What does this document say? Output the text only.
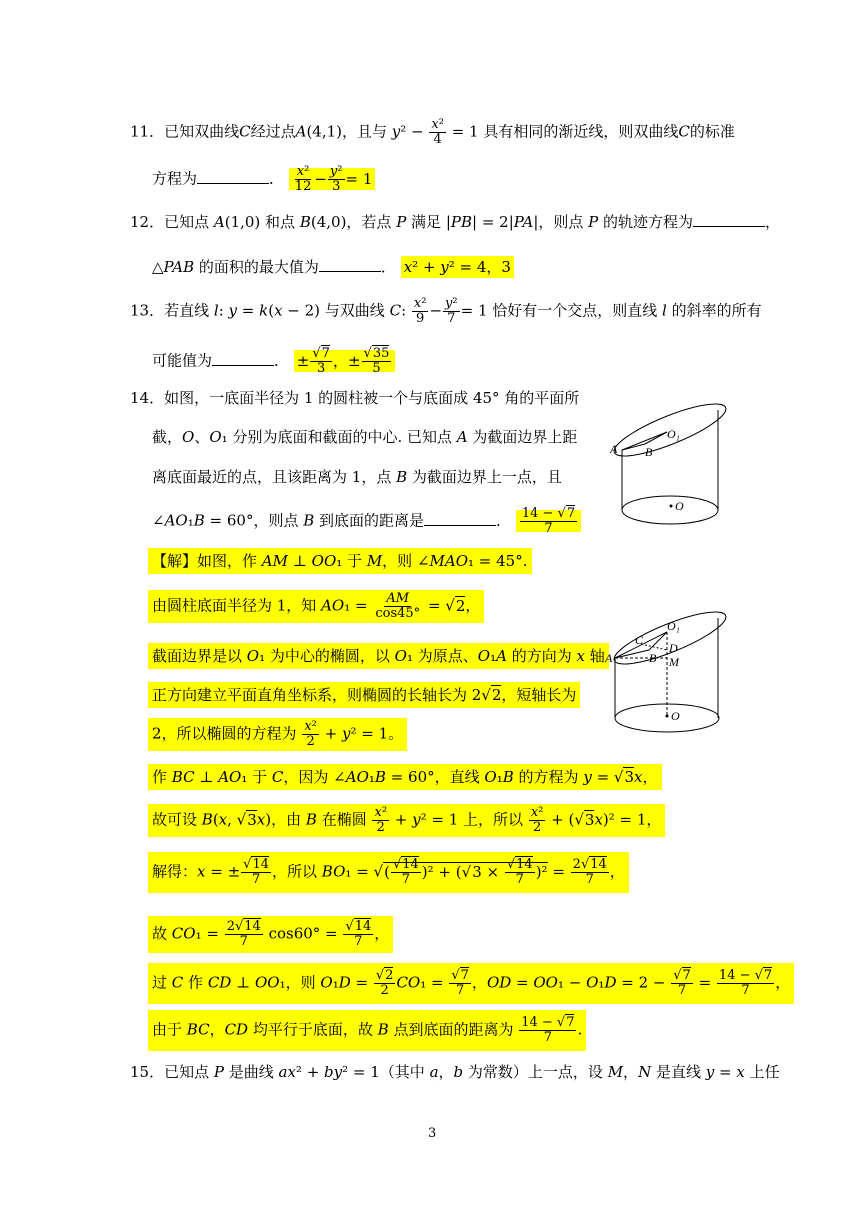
11．已知双曲线C经过点A(4,1)，且与 $y^2 - \frac{\text{x²}}{4} = 1$ 具有相同的渐近线，则双曲线C的标准
方程为	． $\frac{\text{x²}}{12} - \frac{\text{y²}}{3} = 1$
12．已知点 A(1,0) 和点 B(4,0)，若点 P 满足 |PB| = 2|PA|，则点 P 的轨迹方程为	，
△PAB 的面积的最大值为	． x² + y² = 4，3
13．若直线 l: y = k(x − 2) 与双曲线 C: $\frac{\text{x²}}{9} - \frac{\text{y²}}{7} = 1$ 恰好有一个交点，则直线 l 的斜率的所有
可能值为	． ± $\frac{√7}{3}$ ，± $\frac{√35}{5}$
14．如图，一底面半径为 1 的圆柱被一个与底面成 45° 角的平面所
截，O、O₁ 分别为底面和截面的中心. 已知点 A 为截面边界上距
离底面最近的点，且该距离为 1，点 B 为截面边界上一点，且
∠AO₁B = 60°，则点 B 到底面的距离是	． $\frac{14 - √7}{7}$
O₁
A B
O
【解】如图，作 AM ⊥ OO₁ 于 M，则 ∠MAO₁ = 45°.
由圆柱底面半径为 1，知 $AO_1 = \frac{AM}{\cos 45^\circ} = √2$，
截面边界是以 O₁ 为中心的椭圆，以 O₁ 为原点、O₁A 的方向为 x 轴
正方向建立平面直角坐标系，则椭圆的长轴长为 2√2，短轴长为
2，所以椭圆的方程为 $\frac{\text{x²}}{2} + y^2 = 1$。
O₁
C
D
A	B M
O
作 BC ⊥ AO₁ 于 C，因为 ∠AO₁B = 60°，直线 O₁B 的方程为 y = √3x，
故可设 B(x, √3x)，由 B 在椭圆 $\frac{\text{x²}}{2} + y^2 = 1$ 上，所以 $\frac{\text{x²}}{2} + (√3x)^2 = 1$，
解得：x = ± $\frac{√14}{7}$ ，所以 BO₁ = √( $\frac{√14}{7} )^2 + (√3 \times \frac{√14}{7} )^2 = \frac{2√14}{7}$ ，
故 $CO_1 = \frac{2√14}{7} \cos 60^\circ = \frac{√14}{7}$ ，
过 C 作 CD ⊥ OO₁，则 $O_1D = \frac{√2}{2} CO_1 = \frac{√7}{7}$ ，OD = $OO_1 - O_1D = 2 - \frac{√7}{7} = \frac{14 - √7}{7}$ ，
由于 BC，CD 均平行于底面，故 B 点到底面的距离为 $\frac{14 - √7}{7}$ .
15．已知点 P 是曲线 ax² + by² = 1（其中 a，b 为常数）上一点，设 M，N 是直线 y = x 上任
3
